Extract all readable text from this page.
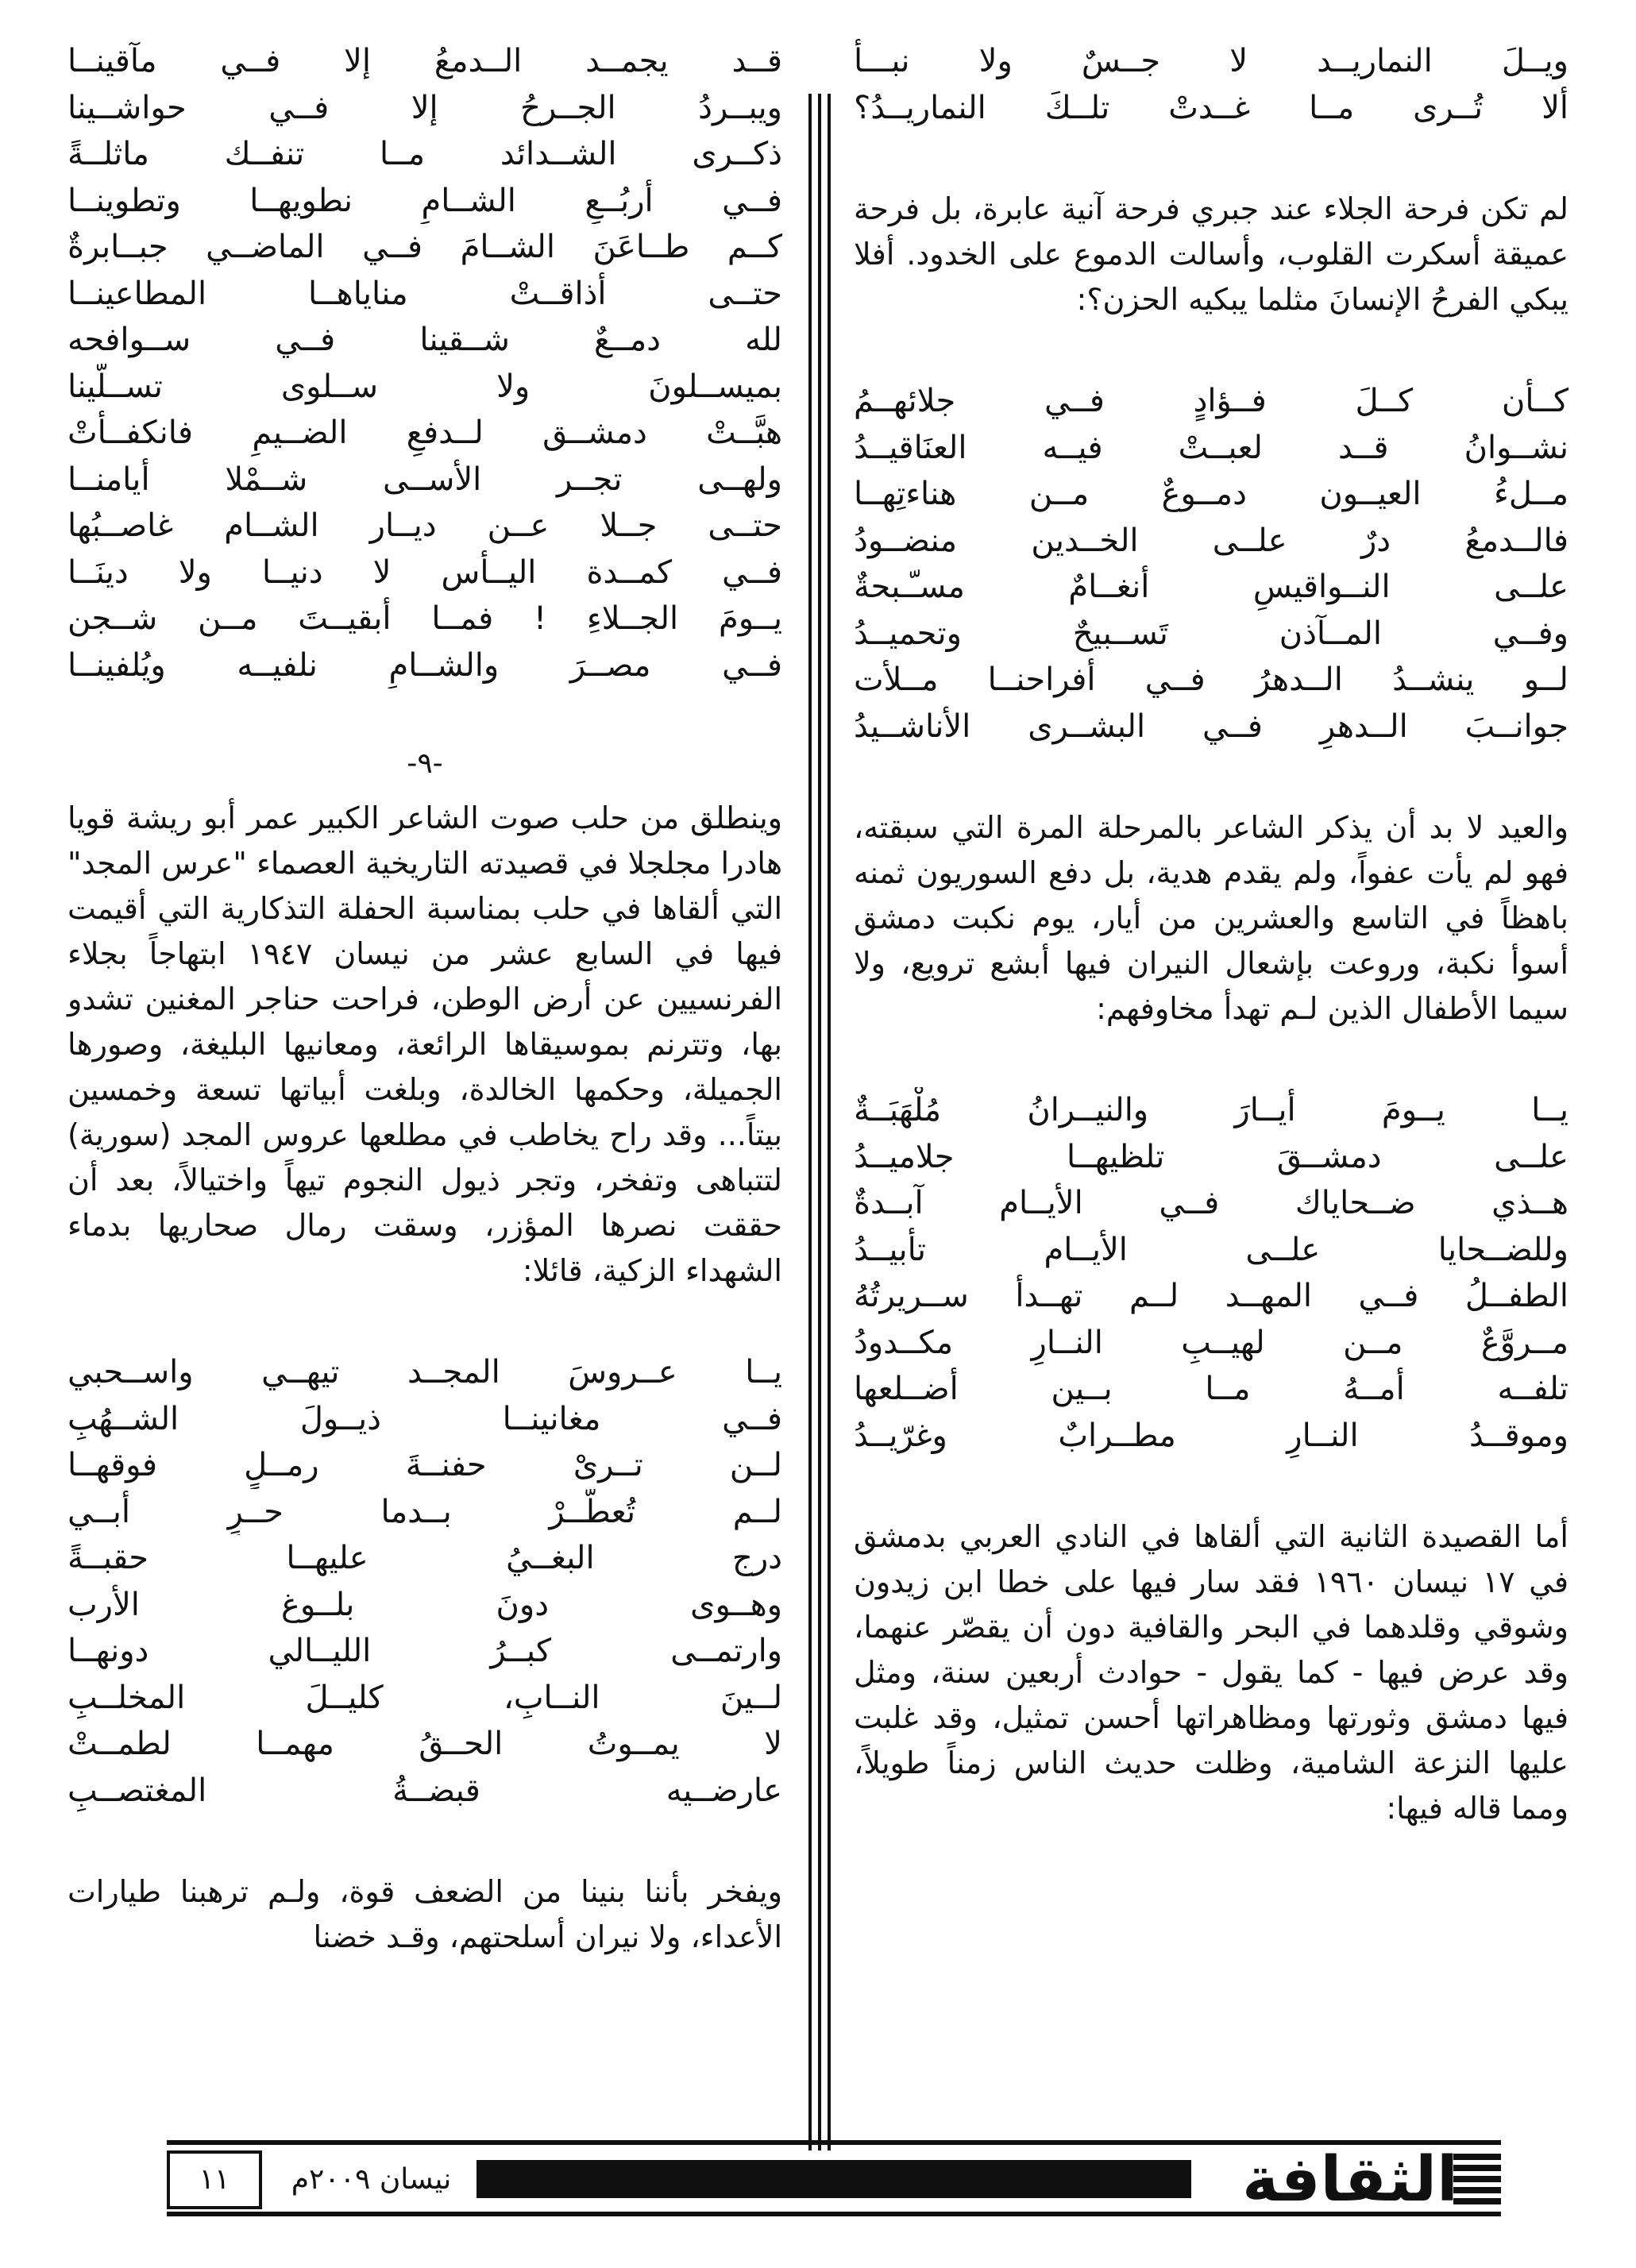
ويــلَ النماريــد لا جــسٌ ولا نبـــأُ
ألا تُــرى مــا غــدتْ تلــكَ النماريــدُ؟

لم تكن فرحة الجلاء عند جبري فرحة آنية عابرة، بل فرحة عميقة أسكرت القلوب، وأسالت الدموع على الخدود. أفلا يبكي الفرحُ الإنسانَ مثلما يبكيه الحزن؟:

كــأن كــلَ فــؤادٍ فــي جلائهــمُ
نشــوانُ قــد لعبــتْ فيــه العنَاقيــدُ
مــلءُ العيــون دمــوعٌ مــن هناءتِهــا
فالــدمعُ درٌ علــى الخــدين منضــودُ
علــى النــواقيسِ أنغــامٌ مسـّـبحةٌ
وفــي المــآذن تَســبيحٌ وتحميــدُ
لــو ينشــدُ الــدهرُ فــي أفراحنــا مــلأت
جوانــبَ الــدهرِ فــي البشــرى الأناشــيدُ

والعيد لا بد أن يذكر الشاعر بالمرحلة المرة التي سبقته، فهو لم يأت عفواً، ولم يقدم هدية، بل دفع السوريون ثمنه باهظاً في التاسع والعشرين من أيار، يوم نكبت دمشق أسوأ نكبة، وروعت بإشعال النيران فيها أبشع ترويع، ولا سيما الأطفال الذين لـم تهدأ مخاوفهم:

يــا يــومَ أيــارَ والنيــرانُ مُلْهَبَــةٌ
علــى دمشــقَ تلظيهــا جلاميــدُ
هــذي ضــحاياك فــي الأيــام آبــدةٌ
وللضــحايا علــى الأيــام تأبيــدُ
الطفــلُ فــي المهــد لــم تهــدأ ســريرتُهُ
مــروَّعٌ مــن لهيــبِ النــارِ مكــدودُ
تلفــه أمــهُ مــا بــين أضــلعها
وموقــدُ النــارِ مطــرابٌ وغرّيــدُ

أما القصيدة الثانية التي ألقاها في النادي العربي بدمشق في ١٧ نيسان ١٩٦٠ فقد سار فيها على خطا ابن زيدون وشوقي وقلدهما في البحر والقافية دون أن يقصّر عنهما، وقد عرض فيها - كما يقول - حوادث أربعين سنة، ومثل فيها دمشق وثورتها ومظاهراتها أحسن تمثيل، وقد غلبت عليها النزعة الشامية، وظلت حديث الناس زمناً طويلاً، ومما قاله فيها:

قــد يجمــد الــدمعُ إلا فــي مآقينــا
ويبــردُ الجــرحُ إلا فــي حواشــينا
ذكــرى الشــدائد مــا تنفــك ماثلــةً
فــي أربُــعِ الشــامِ نطويهــا وتطوينــا
كــم طــاعَنَ الشــامَ فــي الماضــي جبــابرةٌ
حتــى أذاقــتْ مناياهــا المطاعينــا
لله دمــعٌ شــقينا فــي ســوافحه
بميســلونَ ولا ســلوى تســلّينا
هبَّــتْ دمشــق لــدفعِ الضــيمِ فانكفــأتْ
ولهــى تجــر الأســى شــمْلا أيامنــا
حتــى جــلا عــن ديــار الشــام غاصــبُها
فــي كمــدة اليــأس لا دنيــا ولا دينَــا
يــومَ الجــلاءِ ! فمــا أبقيــتَ مــن شــجن
فــي مصــرَ والشــامِ نلفيــه ويُلفينــا
-٩-

وينطلق من حلب صوت الشاعر الكبير عمر أبو ريشة قويا هادرا مجلجلا في قصيدته التاريخية العصماء "عرس المجد" التي ألقاها في حلب بمناسبة الحفلة التذكارية التي أقيمت فيها في السابع عشر من نيسان ١٩٤٧ ابتهاجاً بجلاء الفرنسيين عن أرض الوطن، فراحت حناجر المغنين تشدو بها، وتترنم بموسيقاها الرائعة، ومعانيها البليغة، وصورها الجميلة، وحكمها الخالدة، وبلغت أبياتها تسعة وخمسين بيتاً... وقد راح يخاطب في مطلعها عروس المجد (سورية) لتتباهى وتفخر، وتجر ذيول النجوم تيهاً واختيالاً، بعد أن حققت نصرها المؤزر، وسقت رمال صحاريها بدماء الشهداء الزكية، قائلا:

يــا عــروسَ المجــد تيهــي واســحبي
فــي مغانينــا ذيــولَ الشــهُبِ
لــن تــرىْ حفنــةَ رمــلٍ فوقهــا
لــم تُعطَّــرْ بــدما حــرٍ أبــي
درج البغــيُ عليهــا حقبــةً
وهــوى دونَ بلــوغ الأرب
وارتمــى كبــرُ الليــالي دونهــا
لــينَ النــابِ، كليــلَ المخلــبِ
لا يمــوتُ الحــقُ مهمــا لطمــتْ
عارضــيه قبضــةُ المغتصــبِ

ويفخر بأننا بنينا من الضعف قوة، ولـم ترهبنا طيارات الأعداء، ولا نيران أسلحتهم، وقـد خضنا

الثقافة
نيسان ٢٠٠٩م
١١
